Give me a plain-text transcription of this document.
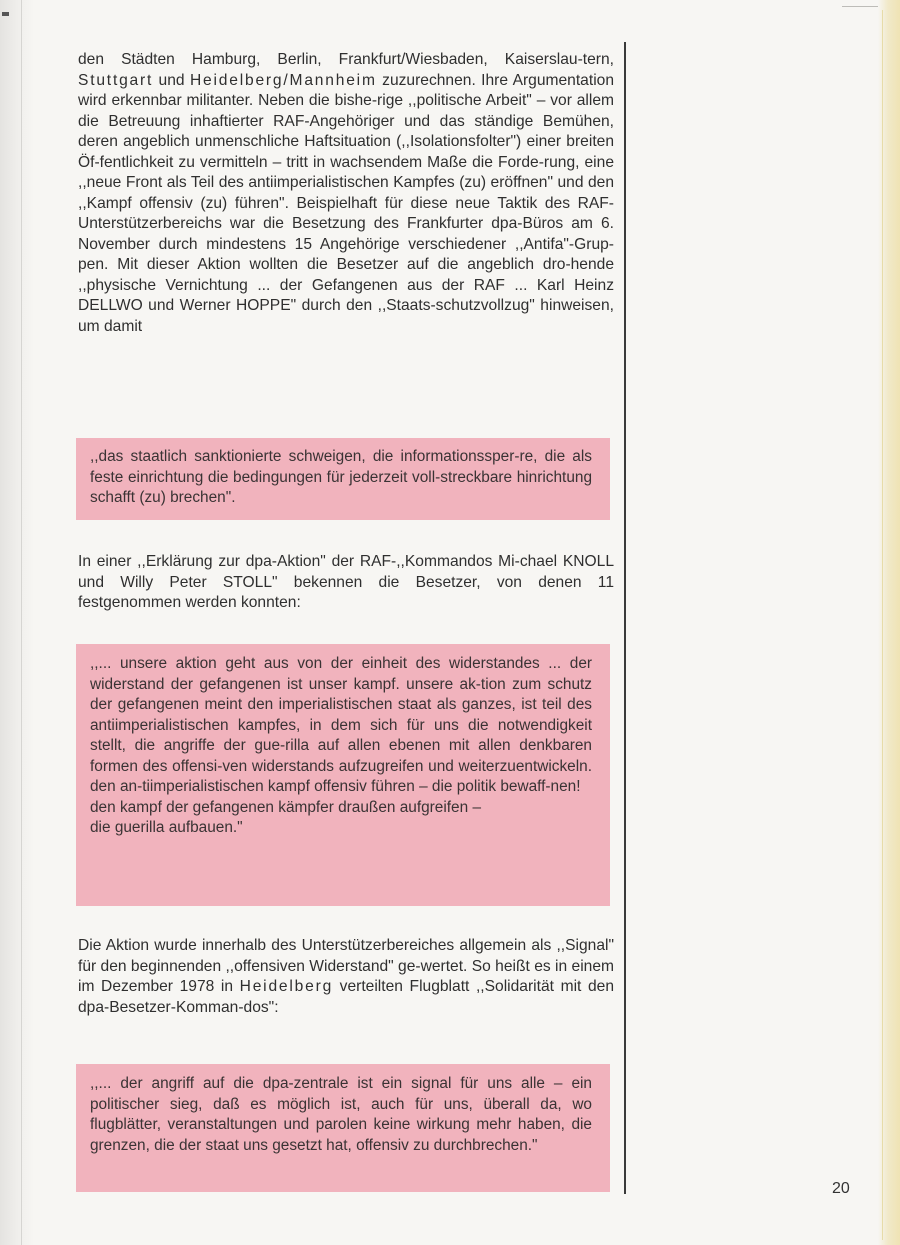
den Städten Hamburg, Berlin, Frankfurt/Wiesbaden, Kaiserslau-tern, Stuttgart und Heidelberg/Mannheim zuzurechnen. Ihre Argumentation wird erkennbar militanter. Neben die bishe-rige ,,politische Arbeit" – vor allem die Betreuung inhaftierter RAF-Angehöriger und das ständige Bemühen, deren angeblich unmenschliche Haftsituation (,,Isolationsfolter") einer breiten Öf-fentlichkeit zu vermitteln – tritt in wachsendem Maße die Forde-rung, eine ,,neue Front als Teil des antiimperialistischen Kampfes (zu) eröffnen" und den ,,Kampf offensiv (zu) führen". Beispielhaft für diese neue Taktik des RAF-Unterstützerbereichs war die Besetzung des Frankfurter dpa-Büros am 6. November durch mindestens 15 Angehörige verschiedener ,,Antifa"-Grup-pen. Mit dieser Aktion wollten die Besetzer auf die angeblich dro-hende ,,physische Vernichtung ... der Gefangenen aus der RAF ... Karl Heinz DELLWO und Werner HOPPE" durch den ,,Staats-schutzvollzug" hinweisen, um damit

,,das staatlich sanktionierte schweigen, die informationssper-re, die als feste einrichtung die bedingungen für jederzeit voll-streckbare hinrichtung schafft (zu) brechen".

In einer ,,Erklärung zur dpa-Aktion" der RAF-,,Kommandos Mi-chael KNOLL und Willy Peter STOLL" bekennen die Besetzer, von denen 11 festgenommen werden konnten:

,,... unsere aktion geht aus von der einheit des widerstandes ... der widerstand der gefangenen ist unser kampf. unsere ak-tion zum schutz der gefangenen meint den imperialistischen staat als ganzes, ist teil des antiimperialistischen kampfes, in dem sich für uns die notwendigkeit stellt, die angriffe der gue-rilla auf allen ebenen mit allen denkbaren formen des offensi-ven widerstands aufzugreifen und weiterzuentwickeln. den an-tiimperialistischen kampf offensiv führen – die politik bewaff-nen!

den kampf der gefangenen kämpfer draußen aufgreifen –

die guerilla aufbauen."

Die Aktion wurde innerhalb des Unterstützerbereiches allgemein als ,,Signal" für den beginnenden ,,offensiven Widerstand" ge-wertet. So heißt es in einem im Dezember 1978 in Heidelberg verteilten Flugblatt ,,Solidarität mit den dpa-Besetzer-Komman-dos":

,,... der angriff auf die dpa-zentrale ist ein signal für uns alle – ein politischer sieg, daß es möglich ist, auch für uns, überall da, wo flugblätter, veranstaltungen und parolen keine wirkung mehr haben, die grenzen, die der staat uns gesetzt hat, offensiv zu durchbrechen."

20
